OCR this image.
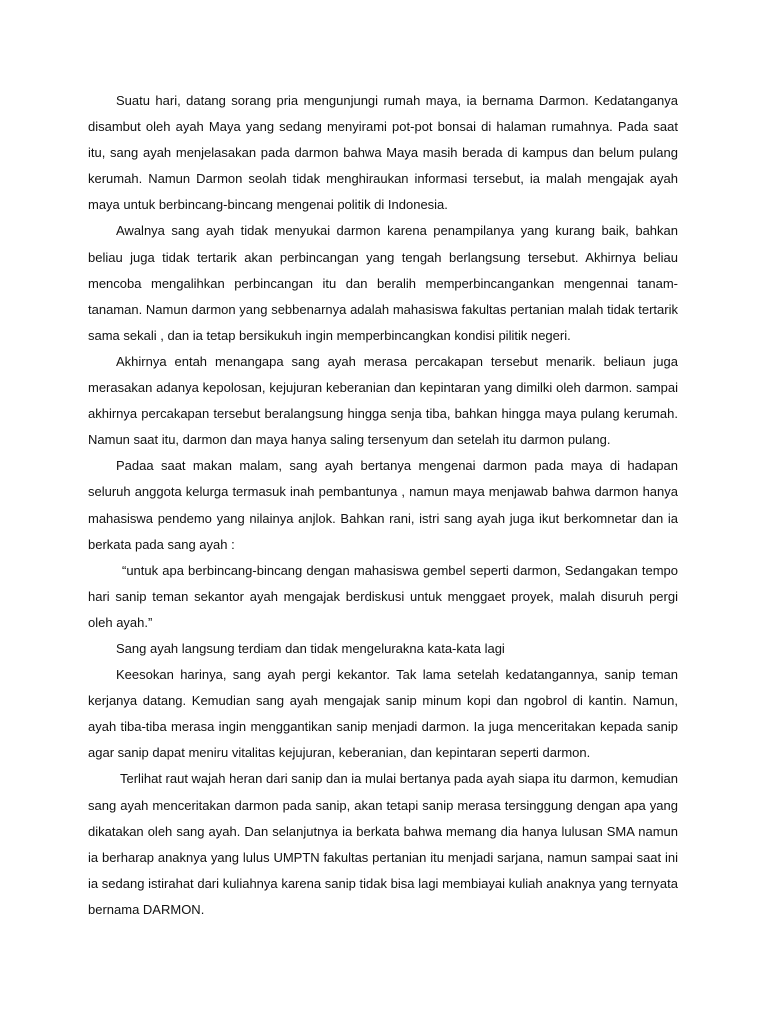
Suatu hari, datang sorang pria mengunjungi rumah maya, ia bernama Darmon. Kedatanganya disambut oleh ayah Maya yang sedang menyirami pot-pot bonsai di halaman rumahnya. Pada saat itu, sang ayah menjelasakan pada darmon bahwa Maya masih berada di kampus dan belum pulang kerumah. Namun Darmon seolah tidak menghiraukan informasi tersebut, ia malah mengajak ayah maya untuk berbincang-bincang mengenai politik di Indonesia.

Awalnya sang ayah tidak menyukai darmon karena penampilanya yang kurang baik, bahkan beliau juga tidak tertarik akan perbincangan yang tengah berlangsung tersebut. Akhirnya beliau mencoba mengalihkan perbincangan itu dan beralih memperbincangankan mengennai tanam-tanaman. Namun darmon yang sebbenarnya adalah mahasiswa fakultas pertanian malah tidak tertarik sama sekali , dan ia tetap bersikukuh ingin memperbincangkan kondisi pilitik negeri.

Akhirnya entah menangapa sang ayah merasa percakapan tersebut menarik. beliaun juga merasakan adanya kepolosan, kejujuran keberanian dan kepintaran yang dimilki oleh darmon. sampai akhirnya percakapan tersebut beralangsung hingga senja tiba, bahkan hingga maya pulang kerumah. Namun saat itu, darmon dan maya hanya saling tersenyum dan setelah itu darmon pulang.

Padaa saat makan malam, sang ayah bertanya mengenai darmon pada maya di hadapan seluruh anggota kelurga termasuk inah pembantunya , namun maya menjawab bahwa darmon hanya mahasiswa pendemo yang nilainya anjlok. Bahkan rani, istri sang ayah juga ikut berkomnetar dan ia berkata pada sang ayah :

“untuk apa berbincang-bincang dengan mahasiswa gembel seperti darmon, Sedangakan tempo hari sanip teman sekantor ayah mengajak berdiskusi untuk menggaet proyek, malah disuruh pergi oleh ayah.”

Sang ayah langsung terdiam dan tidak mengelurakna kata-kata lagi

Keesokan harinya, sang ayah pergi kekantor. Tak lama setelah kedatangannya, sanip teman kerjanya datang. Kemudian sang ayah mengajak sanip minum kopi dan ngobrol di kantin. Namun, ayah tiba-tiba merasa ingin menggantikan sanip menjadi darmon. Ia juga menceritakan kepada sanip agar sanip dapat meniru vitalitas kejujuran, keberanian, dan kepintaran seperti darmon.

Terlihat raut wajah heran dari sanip dan ia mulai bertanya pada ayah siapa itu darmon, kemudian sang ayah menceritakan darmon pada sanip, akan tetapi sanip merasa tersinggung dengan apa yang dikatakan oleh sang ayah. Dan selanjutnya ia berkata bahwa memang dia hanya lulusan SMA namun ia berharap anaknya yang lulus UMPTN fakultas pertanian itu menjadi sarjana, namun sampai saat ini ia sedang istirahat dari kuliahnya karena sanip tidak bisa lagi membiayai kuliah anaknya yang ternyata bernama DARMON.
